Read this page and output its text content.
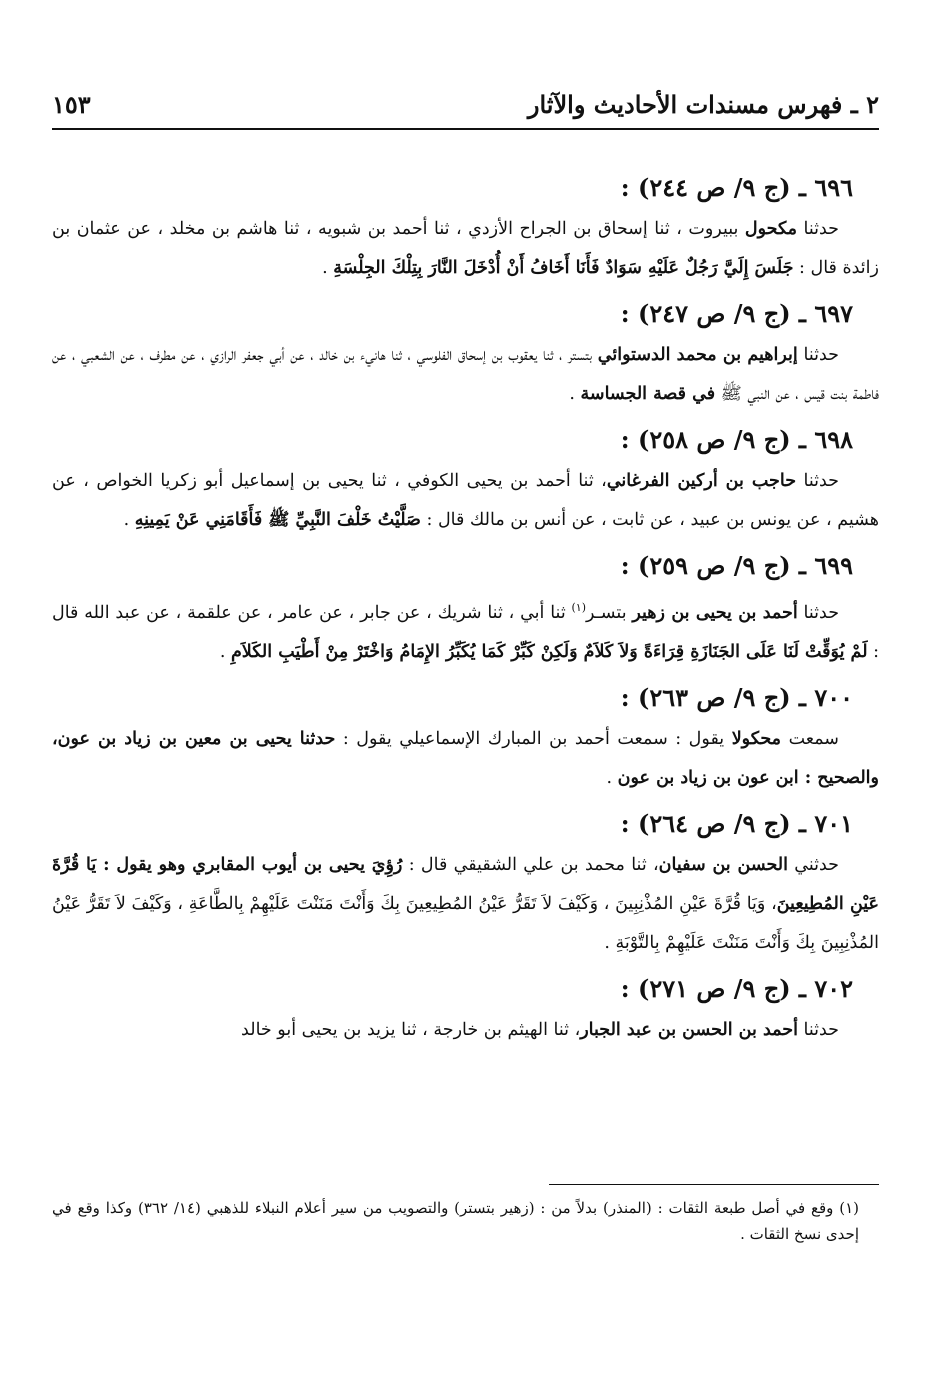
٢ ـ فهرس مسندات الأحاديث والآثار
١٥٣
٦٩٦ ـ (ج ٩/ ص ٢٤٤) :

حدثنا مكحول ببيروت ، ثنا إسحاق بن الجراح الأزدي ، ثنا أحمد بن شبويه ، ثنا هاشم بن مخلد ، عن عثمان بن زائدة قال : جَلَسَ إِلَيَّ رَجُلٌ عَلَيْهِ سَوَادٌ فَأَنَا أَخَافُ أَنْ أُدْخَلَ النَّارَ بِتِلْكَ الجِلْسَةِ .

٦٩٧ ـ (ج ٩/ ص ٢٤٧) :

حدثنا إبراهيم بن محمد الدستوائي بتستر ، ثنا يعقوب بن إسحاق الفلوسي ، ثنا هانيء بن خالد ، عن أبي جعفر الرازي ، عن مطرف ، عن الشعبي ، عن فاطمة بنت قيس ، عن النبي ﷺ في قصة الجساسة .

٦٩٨ ـ (ج ٩/ ص ٢٥٨) :

حدثنا حاجب بن أركين الفرغاني، ثنا أحمد بن يحيى الكوفي ، ثنا يحيى بن إسماعيل أبو زكريا الخواص ، عن هشيم ، عن يونس بن عبيد ، عن ثابت ، عن أنس بن مالك قال : صَلَّيْتُ خَلْفَ النَّبِيِّ ﷺ فَأَقَامَنِي عَنْ يَمِينِهِ .

٦٩٩ ـ (ج ٩/ ص ٢٥٩) :

حدثنا أحمد بن يحيى بن زهير بتسـر$^{(١)}$ ثنا أبي ، ثنا شريك ، عن جابر ، عن عامر ، عن علقمة ، عن عبد الله قال : لَمْ يُوَقِّتْ لَنَا عَلَى الجَنَازَةِ قِرَاءَةً وَلاَ كَلاَمٌ وَلَكِنْ كَبِّرْ كَمَا يُكَبِّرُ الإِمَامُ وَاخْتَرْ مِنْ أَطْيَبِ الكَلاَمِ .

٧٠٠ ـ (ج ٩/ ص ٢٦٣) :

سمعت محكولا يقول : سمعت أحمد بن المبارك الإسماعيلي يقول : حدثنا يحيى بن معين بن زياد بن عون، والصحيح : ابن عون بن زياد بن عون .

٧٠١ ـ (ج ٩/ ص ٢٦٤) :

حدثني الحسن بن سفيان، ثنا محمد بن علي الشقيقي قال : رُؤِيَ يحيى بن أيوب المقابري وهو يقول : يَا قُرَّةَ عَيْنِ المُطِيعِينَ، وَيَا قُرَّةَ عَيْنِ المُذْنِبِينَ ، وَكَيْفَ لاَ تَقَرُّ عَيْنُ المُطِيعِينَ بِكَ وَأَنْتَ مَنَنْتَ عَلَيْهِمْ بِالطَّاعَةِ ، وَكَيْفَ لاَ تَقَرُّ عَيْنُ المُذْنِبِينَ بِكَ وَأَنْتَ مَنَنْتَ عَلَيْهِمْ بِالتَّوْبَةِ .

٧٠٢ ـ (ج ٩/ ص ٢٧١) :

حدثنا أحمد بن الحسن بن عبد الجبار، ثنا الهيثم بن خارجة ، ثنا يزيد بن يحيى أبو خالد

(١) وقع في أصل طبعة الثقات : (المنذر) بدلاً من : (زهير بتستر) والتصويب من سير أعلام النبلاء للذهبي (١٤/ ٣٦٢) وكذا وقع في إحدى نسخ الثقات .
